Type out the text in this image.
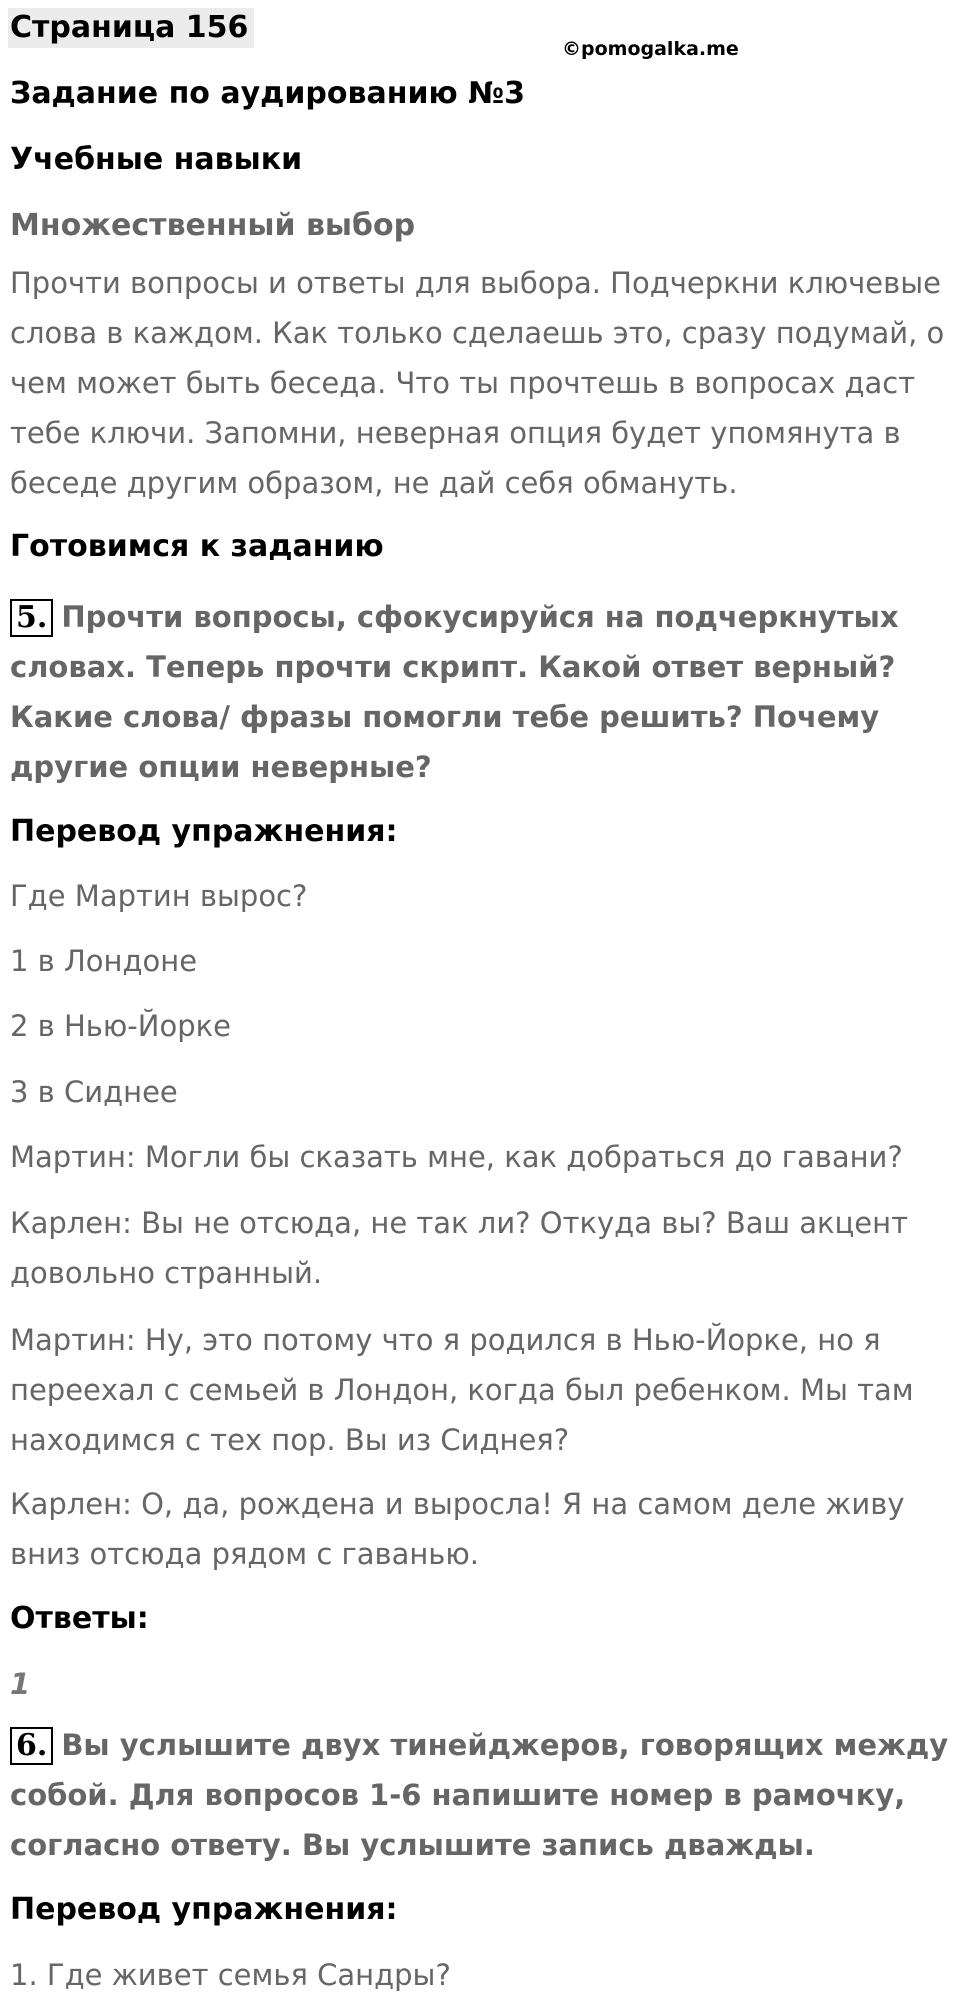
Страница 156
©pomogalka.me
Задание по аудированию №3
Учебные навыки
Множественный выбор

Прочти вопросы и ответы для выбора. Подчеркни ключевые слова в каждом. Как только сделаешь это, сразу подумай, о чем может быть беседа. Что ты прочтешь в вопросах даст тебе ключи. Запомни, неверная опция будет упомянута в беседе другим образом, не дай себя обмануть.

Готовимся к заданию

5. Прочти вопросы, сфокусируйся на подчеркнутых словах. Теперь прочти скрипт. Какой ответ верный? Какие слова/ фразы помогли тебе решить? Почему другие опции неверные?

Перевод упражнения:
Где Мартин вырос?
1 в Лондоне
2 в Нью-Йорке
3 в Сиднее
Мартин: Могли бы сказать мне, как добраться до гавани?

Карлен: Вы не отсюда, не так ли? Откуда вы? Ваш акцент довольно странный.

Мартин: Ну, это потому что я родился в Нью-Йорке, но я переехал с семьей в Лондон, когда был ребенком. Мы там находимся с тех пор. Вы из Сиднея?

Карлен: О, да, рождена и выросла! Я на самом деле живу вниз отсюда рядом с гаванью.

Ответы:
1

6. Вы услышите двух тинейджеров, говорящих между собой. Для вопросов 1-6 напишите номер в рамочку, согласно ответу. Вы услышите запись дважды.

Перевод упражнения:
1. Где живет семья Сандры?
